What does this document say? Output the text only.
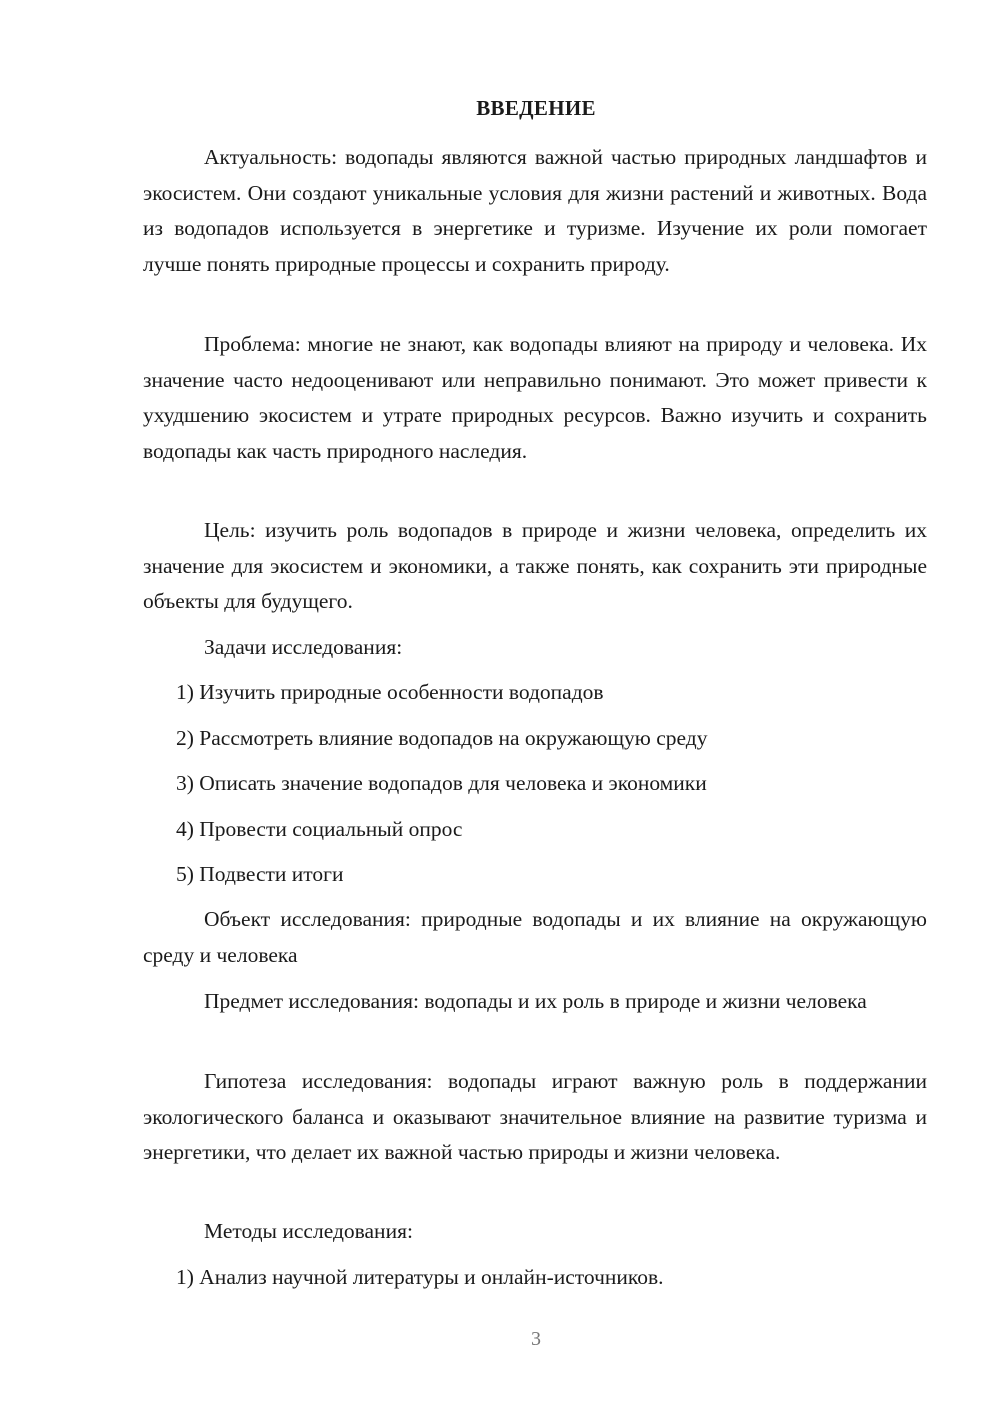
ВВЕДЕНИЕ

Актуальность: водопады являются важной частью природных ландшафтов и экосистем. Они создают уникальные условия для жизни растений и животных. Вода из водопадов используется в энергетике и туризме. Изучение их роли помогает лучше понять природные процессы и сохранить природу.

Проблема: многие не знают, как водопады влияют на природу и человека. Их значение часто недооценивают или неправильно понимают. Это может привести к ухудшению экосистем и утрате природных ресурсов. Важно изучить и сохранить водопады как часть природного наследия.

Цель: изучить роль водопадов в природе и жизни человека, определить их значение для экосистем и экономики, а также понять, как сохранить эти природные объекты для будущего.

Задачи исследования:
1) Изучить природные особенности водопадов
2) Рассмотреть влияние водопадов на окружающую среду
3) Описать значение водопадов для человека и экономики
4) Провести социальный опрос
5) Подвести итоги

Объект исследования: природные водопады и их влияние на окружающую среду и человека

Предмет исследования: водопады и их роль в природе и жизни человека

Гипотеза исследования: водопады играют важную роль в поддержании экологического баланса и оказывают значительное влияние на развитие туризма и энергетики, что делает их важной частью природы и жизни человека.

Методы исследования:
1) Анализ научной литературы и онлайн-источников.
3
